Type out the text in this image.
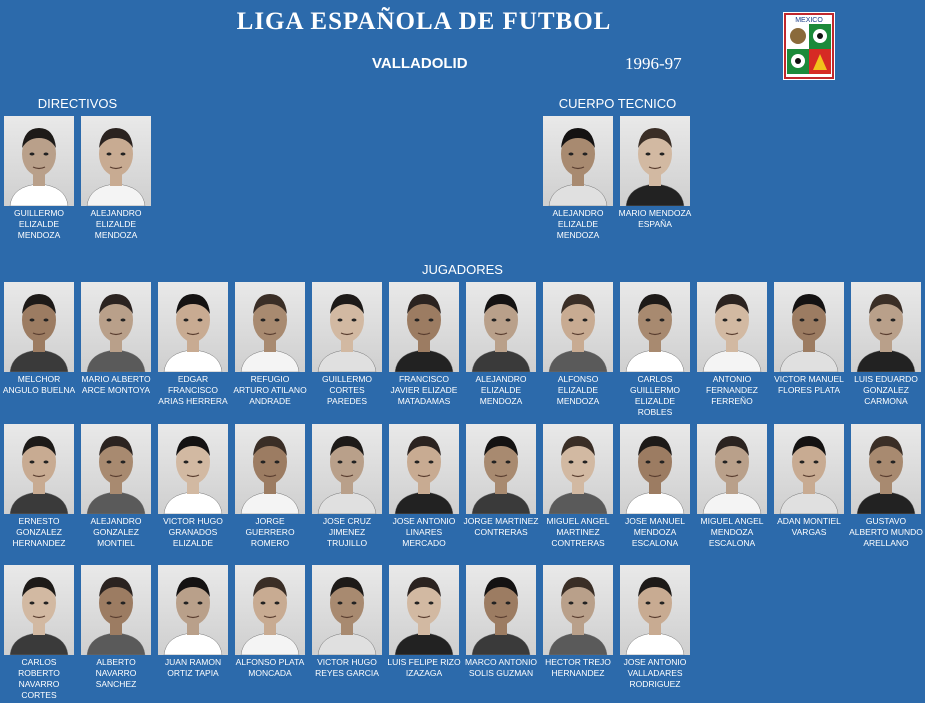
LIGA ESPAÑOLA DE FUTBOL
VALLADOLID	1996-97
MEXICO
DIRECTIVOS	CUERPO TECNICO
JUGADORES
GUILLERMO ELIZALDE MENDOZA
ALEJANDRO ELIZALDE MENDOZA
ALEJANDRO ELIZALDE MENDOZA
MARIO MENDOZA ESPAÑA
MELCHOR ANGULO BUELNA
MARIO ALBERTO ARCE MONTOYA
EDGAR FRANCISCO ARIAS HERRERA
REFUGIO ARTURO ATILANO ANDRADE
GUILLERMO CORTES PAREDES
FRANCISCO JAVIER ELIZADE MATADAMAS
ALEJANDRO ELIZALDE MENDOZA
ALFONSO ELIZALDE MENDOZA
CARLOS GUILLERMO ELIZALDE ROBLES
ANTONIO FERNANDEZ FERREÑO
VICTOR MANUEL FLORES PLATA
LUIS EDUARDO GONZALEZ CARMONA
ERNESTO GONZALEZ HERNANDEZ
ALEJANDRO GONZALEZ MONTIEL
VICTOR HUGO GRANADOS ELIZALDE
JORGE GUERRERO ROMERO
JOSE CRUZ JIMENEZ TRUJILLO
JOSE ANTONIO LINARES MERCADO
JORGE MARTINEZ CONTRERAS
MIGUEL ANGEL MARTINEZ CONTRERAS
JOSE MANUEL MENDOZA ESCALONA
MIGUEL ANGEL MENDOZA ESCALONA
ADAN MONTIEL VARGAS
GUSTAVO ALBERTO MUNDO ARELLANO
CARLOS ROBERTO NAVARRO CORTES
ALBERTO NAVARRO SANCHEZ
JUAN RAMON ORTIZ TAPIA
ALFONSO PLATA MONCADA
VICTOR HUGO REYES GARCIA
LUIS FELIPE RIZO IZAZAGA
MARCO ANTONIO SOLIS GUZMAN
HECTOR TREJO HERNANDEZ
JOSE ANTONIO VALLADARES RODRIGUEZ
